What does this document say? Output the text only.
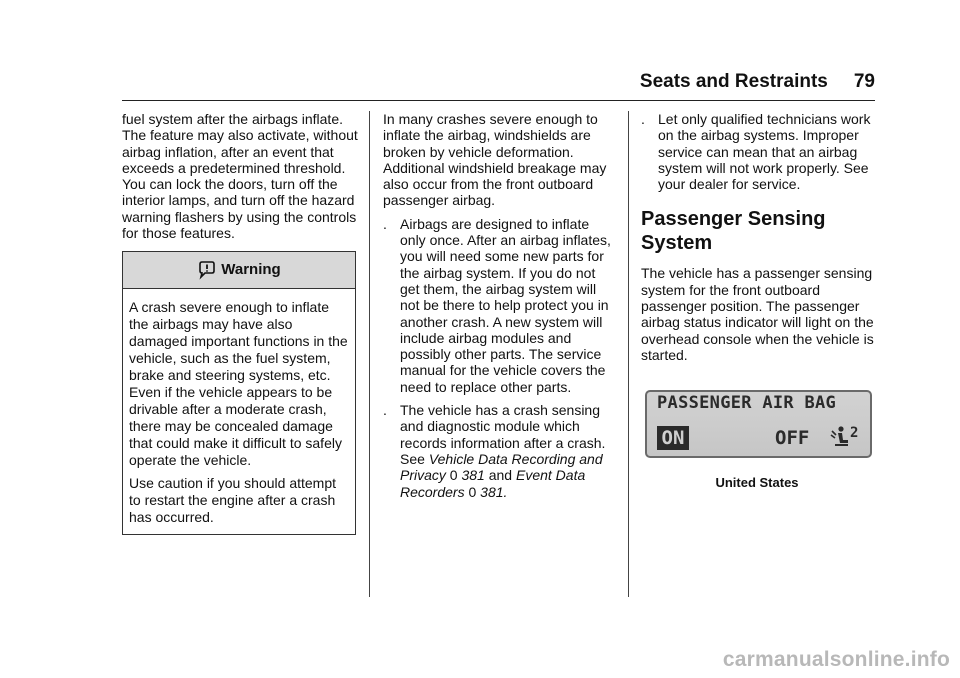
Seats and Restraints 79

fuel system after the airbags inflate. The feature may also activate, without airbag inflation, after an event that exceeds a predetermined threshold. You can lock the doors, turn off the interior lamps, and turn off the hazard warning flashers by using the controls for those features.

Warning

A crash severe enough to inflate the airbags may have also damaged important functions in the vehicle, such as the fuel system, brake and steering systems, etc. Even if the vehicle appears to be drivable after a moderate crash, there may be concealed damage that could make it difficult to safely operate the vehicle.

Use caution if you should attempt to restart the engine after a crash has occurred.

In many crashes severe enough to inflate the airbag, windshields are broken by vehicle deformation. Additional windshield breakage may also occur from the front outboard passenger airbag.

. Airbags are designed to inflate only once. After an airbag inflates, you will need some new parts for the airbag system. If you do not get them, the airbag system will not be there to help protect you in another crash. A new system will include airbag modules and possibly other parts. The service manual for the vehicle covers the need to replace other parts.
. The vehicle has a crash sensing and diagnostic module which records information after a crash. See Vehicle Data Recording and Privacy 0 381 and Event Data Recorders 0 381.
. Let only qualified technicians work on the airbag systems. Improper service can mean that an airbag system will not work properly. See your dealer for service.
Passenger Sensing System

The vehicle has a passenger sensing system for the front outboard passenger position. The passenger airbag status indicator will light on the overhead console when the vehicle is started.

PASSENGER AIR BAG
ON	OFF	2
United States
carmanualsonline.info
